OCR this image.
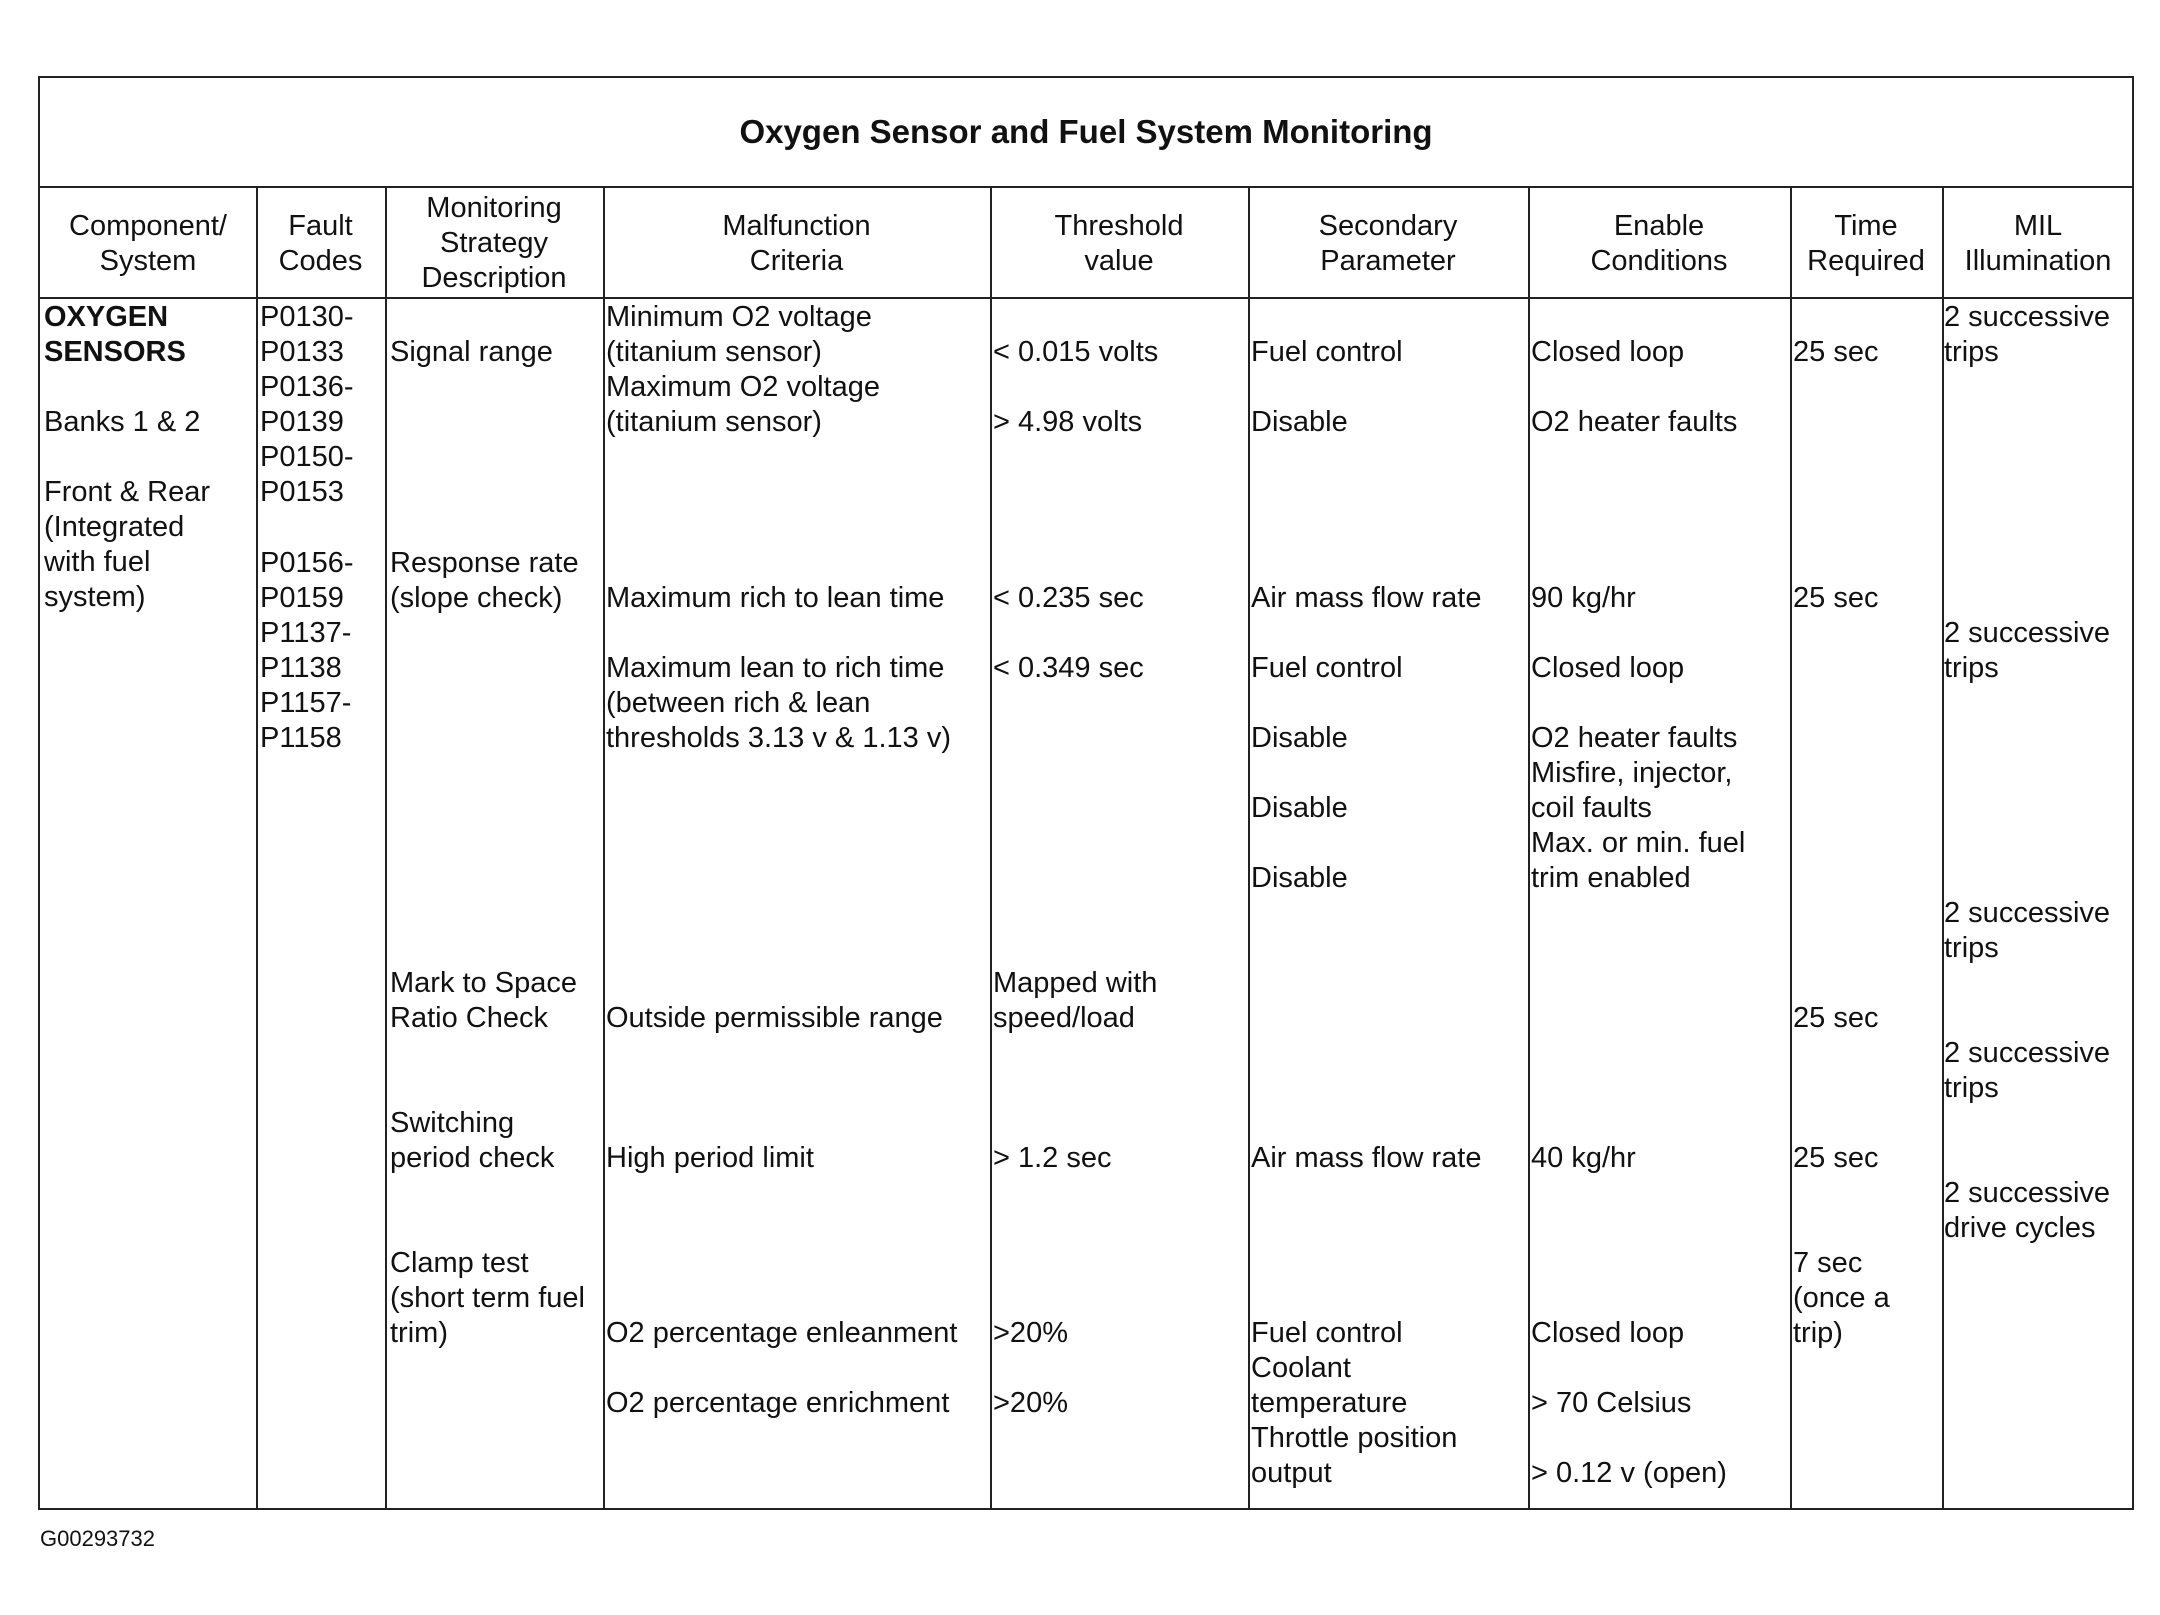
Oxygen Sensor and Fuel System Monitoring
Component/
System
Fault
Codes
Monitoring
Strategy
Description
Malfunction
Criteria
Threshold
value
Secondary
Parameter
Enable
Conditions
Time
Required
MIL
Illumination
OXYGEN
SENSORS
Banks 1 & 2
Front & Rear
(Integrated
with fuel
system)
P0130-
P0133
P0136-
P0139
P0150-
P0153
P0156-
P0159
P1137-
P1138
P1157-
P1158
Signal range
Response rate
(slope check)
Mark to Space
Ratio Check
Switching
period check
Clamp test
(short term fuel
trim)
Minimum O2 voltage
(titanium sensor)
Maximum O2 voltage
(titanium sensor)
Maximum rich to lean time
Maximum lean to rich time
(between rich & lean
thresholds 3.13 v & 1.13 v)
Outside permissible range
High period limit
O2 percentage enleanment
O2 percentage enrichment
< 0.015 volts
> 4.98 volts
< 0.235 sec
< 0.349 sec
Mapped with
speed/load
> 1.2 sec
>20%
>20%
Fuel control
Disable
Air mass flow rate
Fuel control
Disable
Disable
Disable
Air mass flow rate
Fuel control
Coolant
temperature
Throttle position
output
Closed loop
O2 heater faults
90 kg/hr
Closed loop
O2 heater faults
Misfire, injector,
coil faults
Max. or min. fuel
trim enabled
40 kg/hr
Closed loop
> 70 Celsius
> 0.12 v (open)
25 sec
25 sec
25 sec
25 sec
7 sec
(once a
trip)
2 successive
trips
2 successive
trips
2 successive
trips
2 successive
trips
2 successive
drive cycles
G00293732
